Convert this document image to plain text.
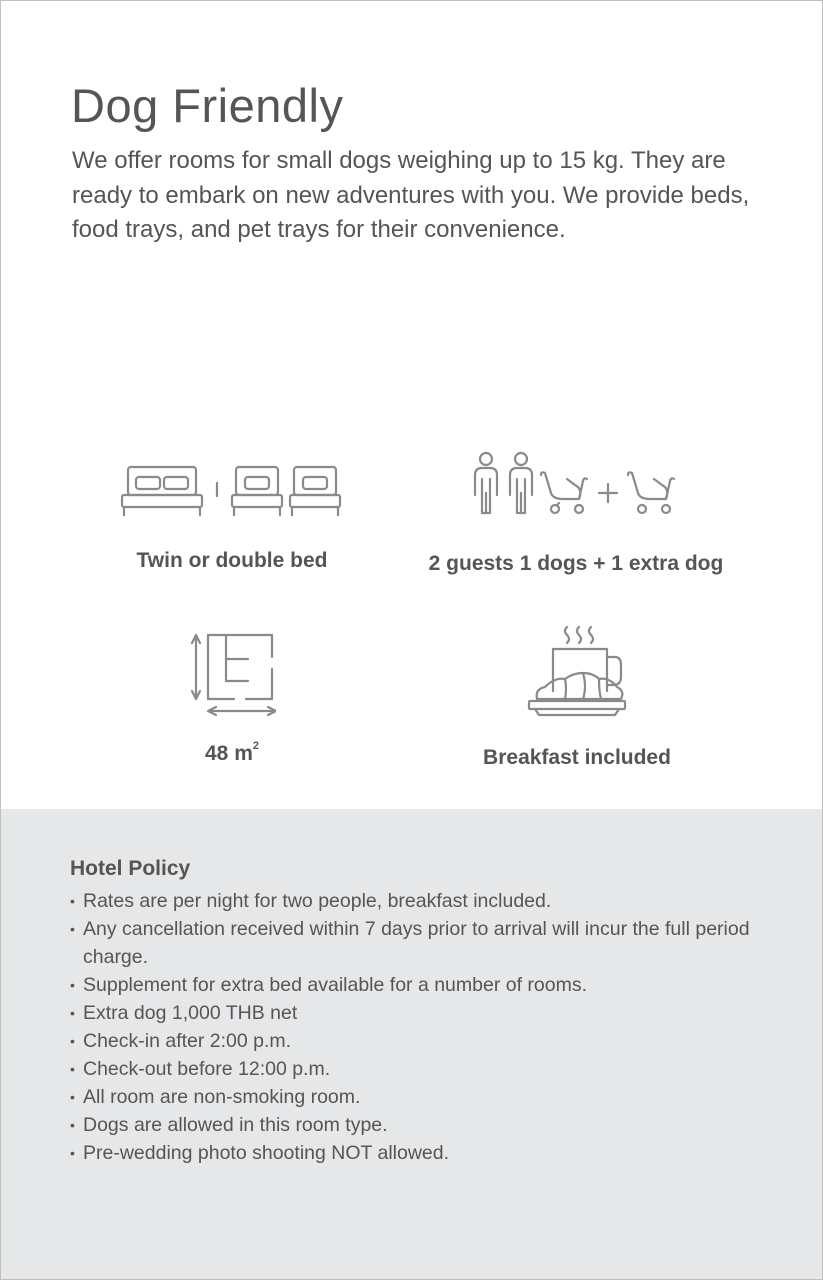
Dog Friendly

We offer rooms for small dogs weighing up to 15 kg. They are ready to embark on new adventures with you. We provide beds, food trays, and pet trays for their convenience.

Twin or double bed	2 guests 1 dogs + 1 extra dog
48 $m^2$	Breakfast included
Hotel Policy
• Rates are per night for two people, breakfast included.
• Any cancellation received within 7 days prior to arrival will incur the full period charge.
• Supplement for extra bed available for a number of rooms.
• Extra dog 1,000 THB net
• Check-in after 2:00 p.m.
• Check-out before 12:00 p.m.
• All room are non-smoking room.
• Dogs are allowed in this room type.
• Pre-wedding photo shooting NOT allowed.
